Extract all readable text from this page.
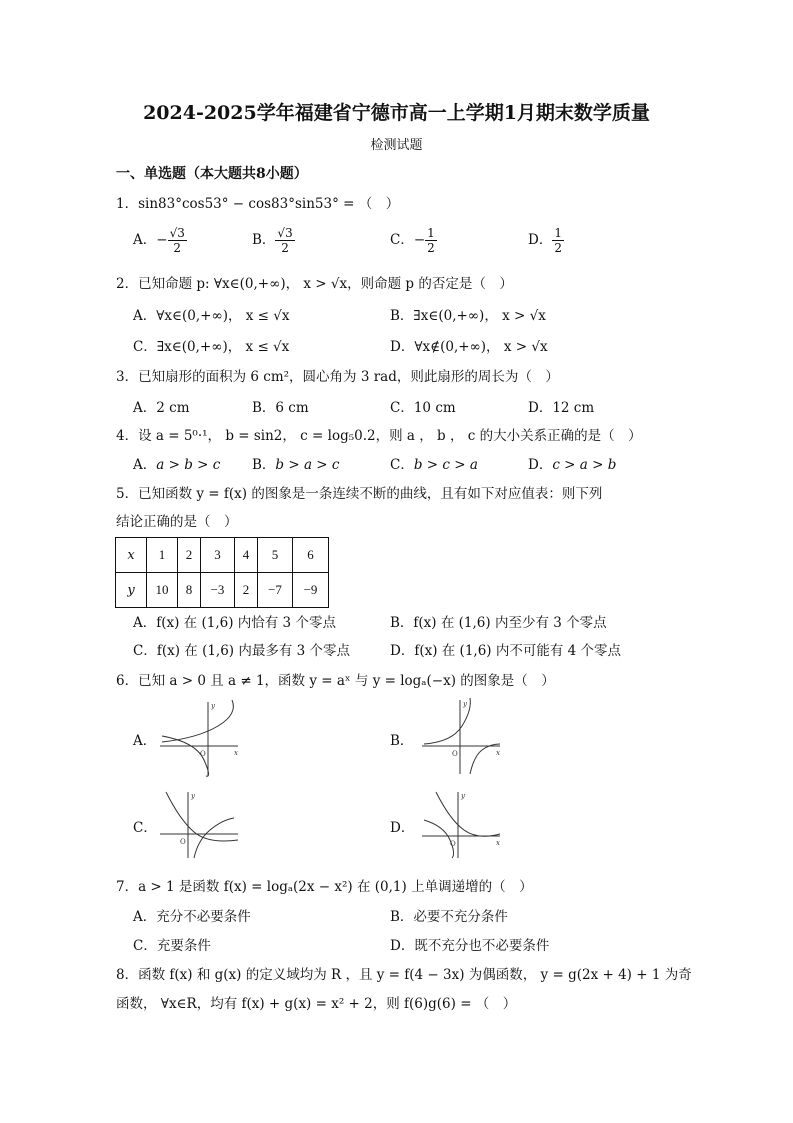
2024-2025学年福建省宁德市高一上学期1月期末数学质量
检测试题
一、单选题（本大题共8小题）
1．sin83°cos53° − cos83°sin53° = （　）
A．− $\frac{√3}{2}$	B． $\frac{√3}{2}$	C．− $\frac{1}{2}$	D． $\frac{1}{2}$
2．已知命题 p: ∀x∈(0,+∞)， x > √x，则命题 p 的否定是（　）
A．∀x∈(0,+∞)， x ≤ √x	B．∃x∈(0,+∞)， x > √x
C．∃x∈(0,+∞)， x ≤ √x	D．∀x∉(0,+∞)， x > √x
3．已知扇形的面积为 6 cm²，圆心角为 3 rad，则此扇形的周长为（　）
A．2 cm	B．6 cm	C．10 cm	D．12 cm
4．设 a = 5⁰·¹， b = sin2， c = log₅0.2，则 a ， b ， c 的大小关系正确的是（　）
A．a > b > c B．b > a > c	C．b > c > a	D．c > a > b
5．已知函数 y = f(x) 的图象是一条连续不断的曲线，且有如下对应值表：则下列
结论正确的是（　）
x	1	2	3	4	5	6
y	10	8	−3	2	−7	−9
A．f(x) 在 (1,6) 内恰有 3 个零点	B．f(x) 在 (1,6) 内至少有 3 个零点
C．f(x) 在 (1,6) 内最多有 3 个零点	D．f(x) 在 (1,6) 内不可能有 4 个零点
6．已知 a > 0 且 a ≠ 1，函数 y = aˣ 与 y = logₐ(−x) 的图象是（　）
A．
y
x
O
B．
y
x
O
C．
y
O
D．
y
x
O
7．a > 1 是函数 f(x) = logₐ(2x − x²) 在 (0,1) 上单调递增的（　）
A．充分不必要条件	B．必要不充分条件
C．充要条件	D．既不充分也不必要条件
8．函数 f(x) 和 g(x) 的定义域均为 R ，且 y = f(4 − 3x) 为偶函数， y = g(2x + 4) + 1 为奇
函数， ∀x∈R，均有 f(x) + g(x) = x² + 2，则 f(6)g(6) = （　）
